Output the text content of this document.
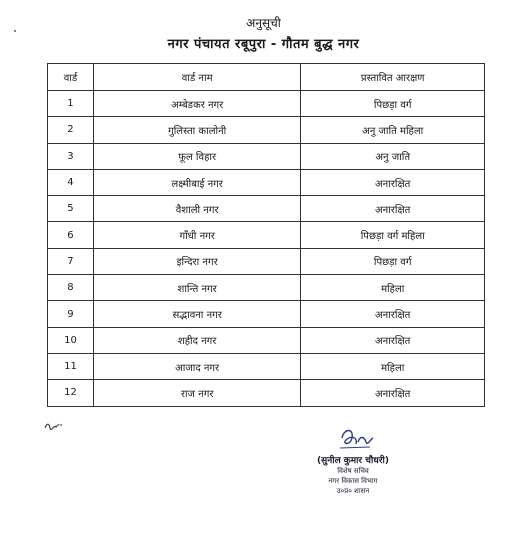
अनुसूची
नगर पंचायत रबूपुरा - गौतम बुद्ध नगर
वार्ड	वार्ड नाम	प्रस्तावित आरक्षण
1	अम्बेडकर नगर	पिछड़ा वर्ग
2	गुलिस्ता कालोनी	अनु जाति महिला
3	फूल विहार	अनु जाति
4	लक्ष्मीबाई नगर	अनारक्षित
5	वैशाली नगर	अनारक्षित
6	गाँधी नगर	पिछड़ा वर्ग महिला
7	इन्दिरा नगर	पिछड़ा वर्ग
8	शान्ति नगर	महिला
9	सद्भावना नगर	अनारक्षित
10	शहीद नगर	अनारक्षित
11	आजाद नगर	महिला
12	राज नगर	अनारक्षित
(सुनील कुमार चौधरी)
विशेष सचिव
नगर विकास विभाग
उ०प्र० शासन
